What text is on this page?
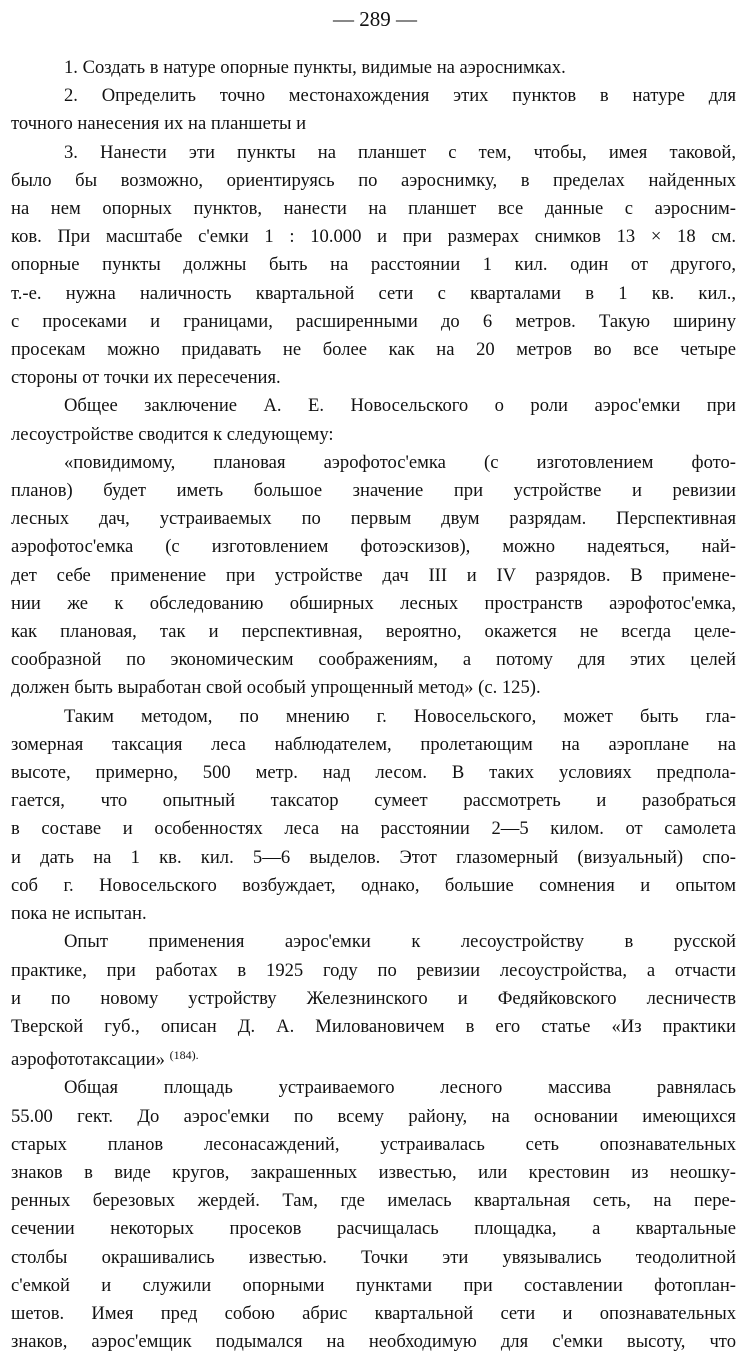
— 289 —
1. Создать в натуре опорные пункты, видимые на аэроснимках.
2. Определить точно местонахождения этих пунктов в натуре для
точного нанесения их на планшеты и
3. Нанести эти пункты на планшет с тем, чтобы, имея таковой,
было бы возможно, ориентируясь по аэроснимку, в пределах найденных
на нем опорных пунктов, нанести на планшет все данные с аэросним-
ков. При масштабе с'емки 1 : 10.000 и при размерах снимков 13 × 18 см.
опорные пункты должны быть на расстоянии 1 кил. один от другого,
т.-е. нужна наличность квартальной сети с кварталами в 1 кв. кил.,
с просеками и границами, расширенными до 6 метров. Такую ширину
просекам можно придавать не более как на 20 метров во все четыре
стороны от точки их пересечения.
Общее заключение А. Е. Новосельского о роли аэрос'емки при
лесоустройстве сводится к следующему:
«повидимому, плановая аэрофотос'емка (с изготовлением фото-
планов) будет иметь большое значение при устройстве и ревизии
лесных дач, устраиваемых по первым двум разрядам. Перспективная
аэрофотос'емка (с изготовлением фотоэскизов), можно надеяться, най-
дет себе применение при устройстве дач III и IV разрядов. В примене-
нии же к обследованию обширных лесных пространств аэрофотос'емка,
как плановая, так и перспективная, вероятно, окажется не всегда целе-
сообразной по экономическим соображениям, а потому для этих целей
должен быть выработан свой особый упрощенный метод» (с. 125).
Таким методом, по мнению г. Новосельского, может быть гла-
зомерная таксация леса наблюдателем, пролетающим на аэроплане на
высоте, примерно, 500 метр. над лесом. В таких условиях предпола-
гается, что опытный таксатор сумеет рассмотреть и разобраться
в составе и особенностях леса на расстоянии 2—5 килом. от самолета
и дать на 1 кв. кил. 5—6 выделов. Этот глазомерный (визуальный) спо-
соб г. Новосельского возбуждает, однако, большие сомнения и опытом
пока не испытан.
Опыт применения аэрос'емки к лесоустройству в русской
практике, при работах в 1925 году по ревизии лесоустройства, а отчасти
и по новому устройству Железнинского и Федяйковского лесничеств
Тверской губ., описан Д. А. Миловановичем в его статье «Из практики
аэрофототаксации» $^{(184).}$
Общая площадь устраиваемого лесного массива равнялась
55.00 гект. До аэрос'емки по всему району, на основании имеющихся
старых планов лесонасаждений, устраивалась сеть опознавательных
знаков в виде кругов, закрашенных известью, или крестовин из неошку-
ренных березовых жердей. Там, где имелась квартальная сеть, на пере-
сечении некоторых просеков расчищалась площадка, а квартальные
столбы окрашивались известью. Точки эти увязывались теодолитной
с'емкой и служили опорными пунктами при составлении фотоплан-
шетов. Имея пред собою абрис квартальной сети и опознавательных
знаков, аэрос'емщик подымался на необходимую для с'емки высоту, что
